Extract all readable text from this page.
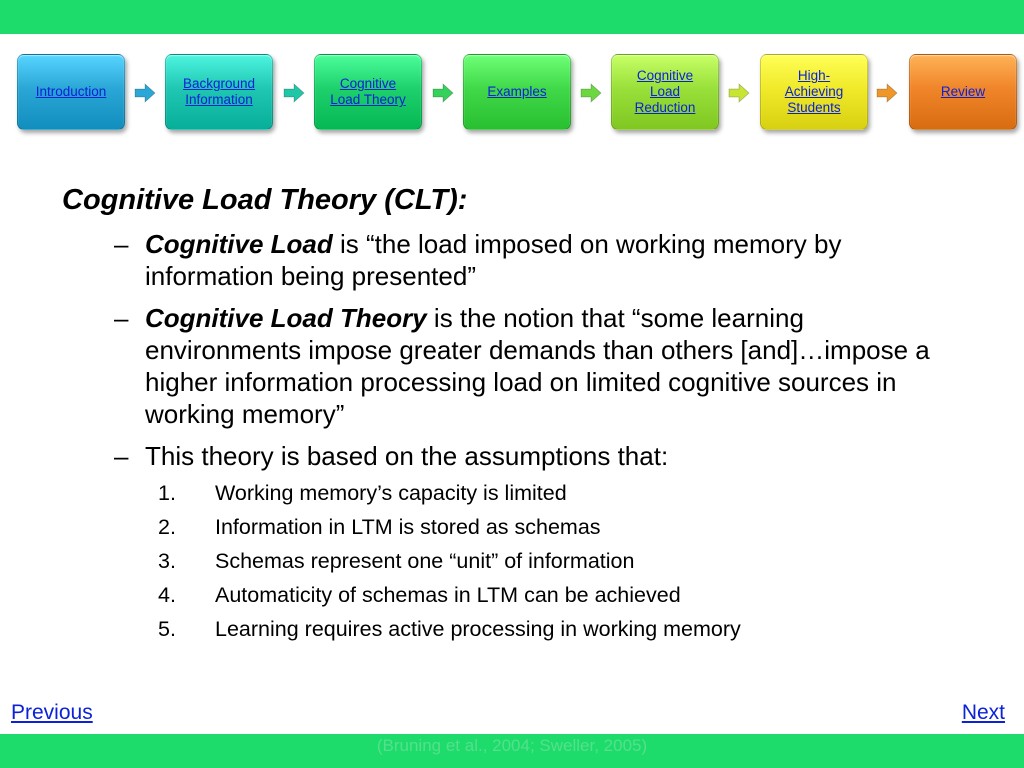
Introduction
Background
Information
Cognitive
Load Theory
Examples
Cognitive
Load
Reduction
High-
Achieving
Students
Review
Cognitive Load Theory (CLT):
– Cognitive Load is “the load imposed on working memory by information being presented”
– Cognitive Load Theory is the notion that “some learning environments impose greater demands than others [and]…impose a higher information processing load on limited cognitive sources in working memory”
– This theory is based on the assumptions that:
1. Working memory’s capacity is limited
2. Information in LTM is stored as schemas
3. Schemas represent one “unit” of information
4. Automaticity of schemas in LTM can be achieved
5. Learning requires active processing in working memory
Previous	Next
(Bruning et al., 2004; Sweller, 2005)
